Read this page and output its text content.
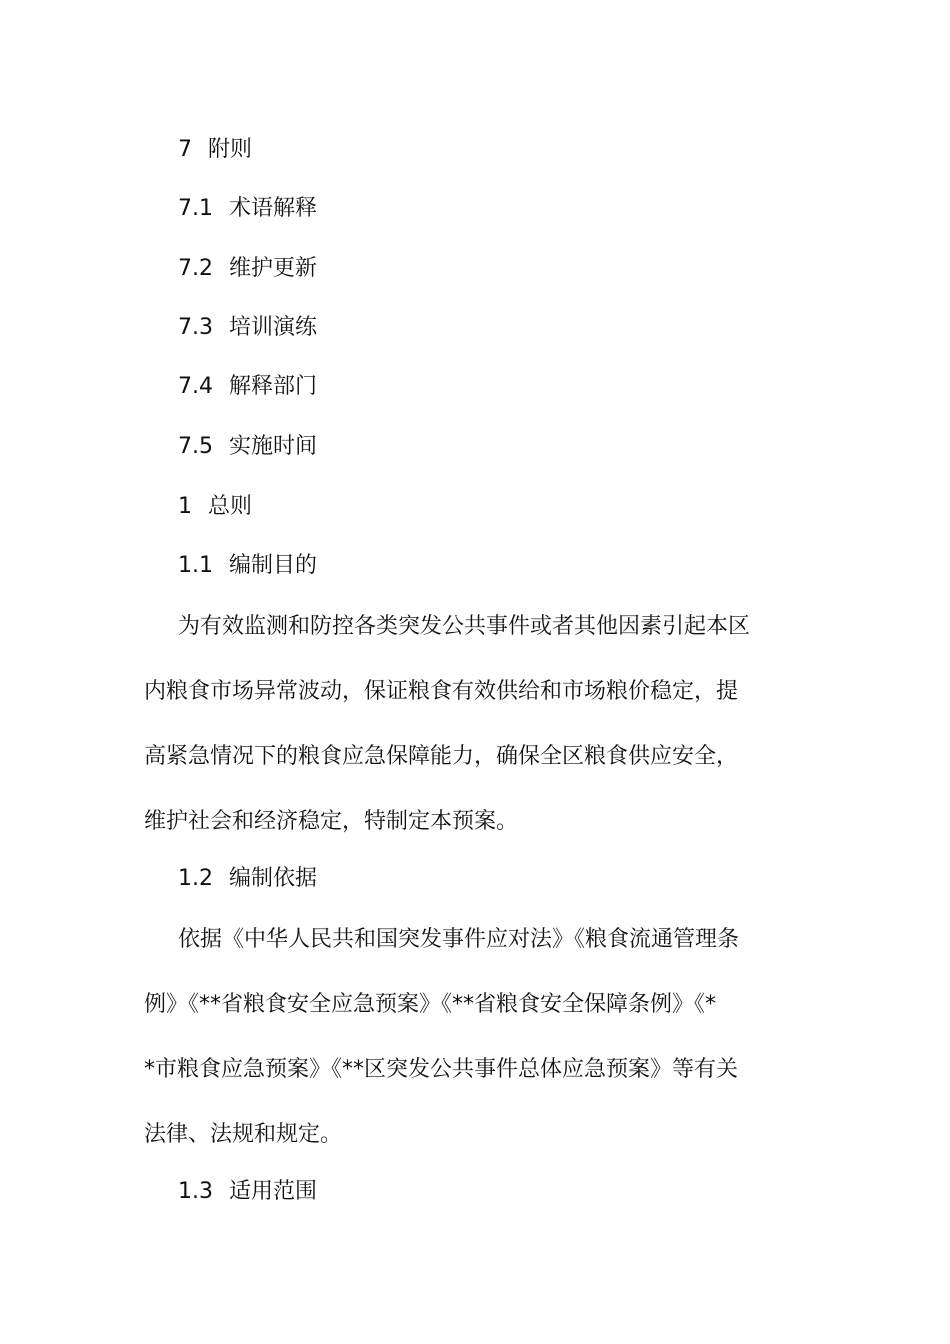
7 附则
7.1 术语解释
7.2 维护更新
7.3 培训演练
7.4 解释部门
7.5 实施时间
1 总则
1.1 编制目的

为有效监测和防控各类突发公共事件或者其他因素引起本区
内粮食市场异常波动，保证粮食有效供给和市场粮价稳定，提
高紧急情况下的粮食应急保障能力，确保全区粮食供应安全，
维护社会和经济稳定，特制定本预案。

1.2 编制依据

依据《中华人民共和国突发事件应对法》《粮食流通管理条
例》《**省粮食安全应急预案》《**省粮食安全保障条例》《*
*市粮食应急预案》《**区突发公共事件总体应急预案》等有关
法律、法规和规定。

1.3 适用范围
